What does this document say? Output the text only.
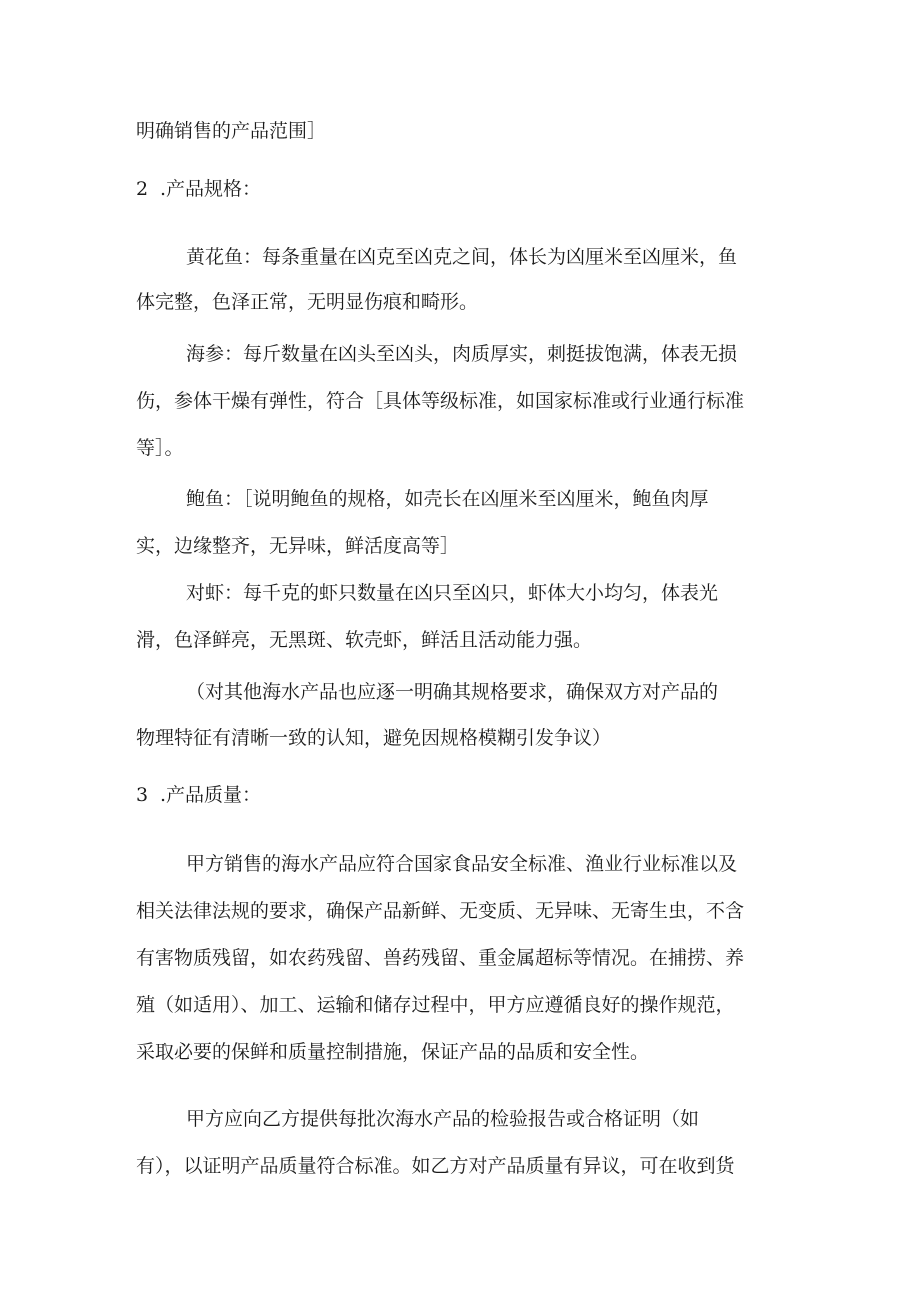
明确销售的产品范围］
2 .产品规格：
黄花鱼：每条重量在凶克至凶克之间，体长为凶厘米至凶厘米，鱼
体完整，色泽正常，无明显伤痕和畸形。
海参：每斤数量在凶头至凶头，肉质厚实，刺挺拔饱满，体表无损
伤，参体干燥有弹性，符合［具体等级标准，如国家标准或行业通行标准
等］。
鲍鱼：［说明鲍鱼的规格，如壳长在凶厘米至凶厘米，鲍鱼肉厚
实，边缘整齐，无异味，鲜活度高等］
对虾：每千克的虾只数量在凶只至凶只，虾体大小均匀，体表光
滑，色泽鲜亮，无黑斑、软壳虾，鲜活且活动能力强。
（对其他海水产品也应逐一明确其规格要求，确保双方对产品的
物理特征有清晰一致的认知，避免因规格模糊引发争议）
3 .产品质量：
甲方销售的海水产品应符合国家食品安全标准、渔业行业标准以及
相关法律法规的要求，确保产品新鲜、无变质、无异味、无寄生虫，不含
有害物质残留，如农药残留、兽药残留、重金属超标等情况。在捕捞、养
殖（如适用）、加工、运输和储存过程中，甲方应遵循良好的操作规范，
采取必要的保鲜和质量控制措施，保证产品的品质和安全性。
甲方应向乙方提供每批次海水产品的检验报告或合格证明（如
有），以证明产品质量符合标准。如乙方对产品质量有异议，可在收到货
